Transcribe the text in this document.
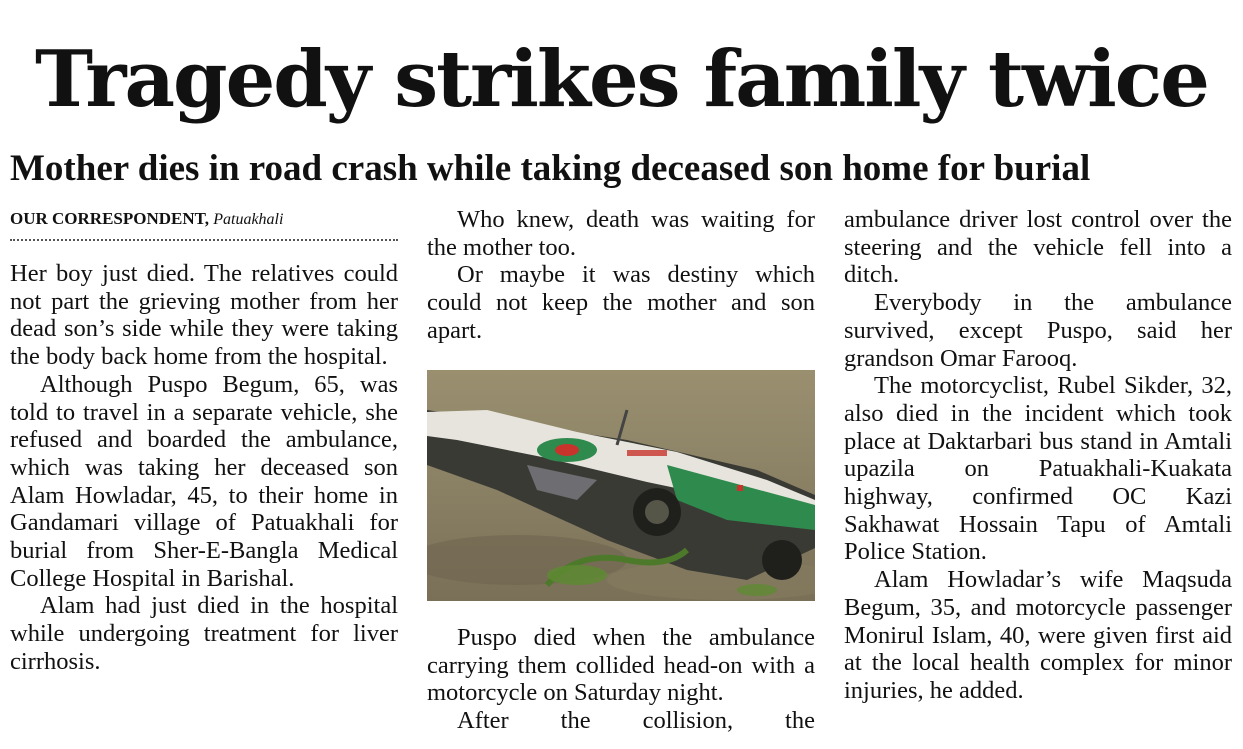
Tragedy strikes family twice
Mother dies in road crash while taking deceased son home for burial
OUR CORRESPONDENT, Patuakhali

Her boy just died. The relatives could not part the grieving mother from her dead son’s side while they were taking the body back home from the hospital.

Although Puspo Begum, 65, was told to travel in a separate vehicle, she refused and boarded the ambulance, which was taking her deceased son Alam Howladar, 45, to their home in Gandamari village of Patuakhali for burial from Sher-E-Bangla Medical College Hospital in Barishal.

Alam had just died in the hospital while undergoing treatment for liver cirrhosis.

Who knew, death was waiting for the mother too.

Or maybe it was destiny which could not keep the mother and son apart.

Puspo died when the ambulance carrying them collided head-on with a motorcycle on Saturday night.

After the collision, the

ambulance driver lost control over the steering and the vehicle fell into a ditch.

Everybody in the ambulance survived, except Puspo, said her grandson Omar Farooq.

The motorcyclist, Rubel Sikder, 32, also died in the incident which took place at Daktarbari bus stand in Amtali upazila on Patuakhali-Kuakata highway, confirmed OC Kazi Sakhawat Hossain Tapu of Amtali Police Station.

Alam Howladar’s wife Maqsuda Begum, 35, and motorcycle passenger Monirul Islam, 40, were given first aid at the local health complex for minor injuries, he added.
